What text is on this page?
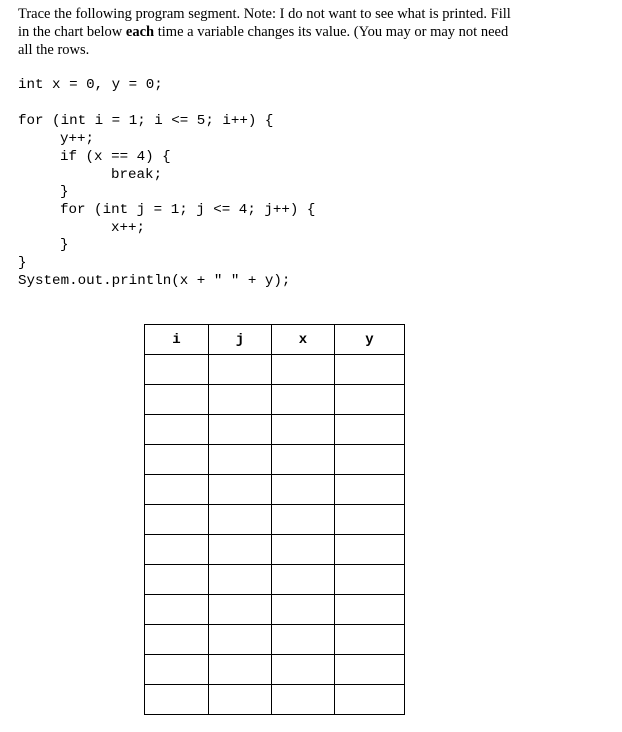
Trace the following program segment. Note: I do not want to see what is printed. Fill
in the chart below each time a variable changes its value. (You may or may not need
all the rows.
int x = 0, y = 0;
for (int i = 1; i <= 5; i++) {
y++;
if (x == 4) {
break;
}
for (int j = 1; j <= 4; j++) {
x++;
}
}
System.out.println(x + " " + y);
i	j	x	y
